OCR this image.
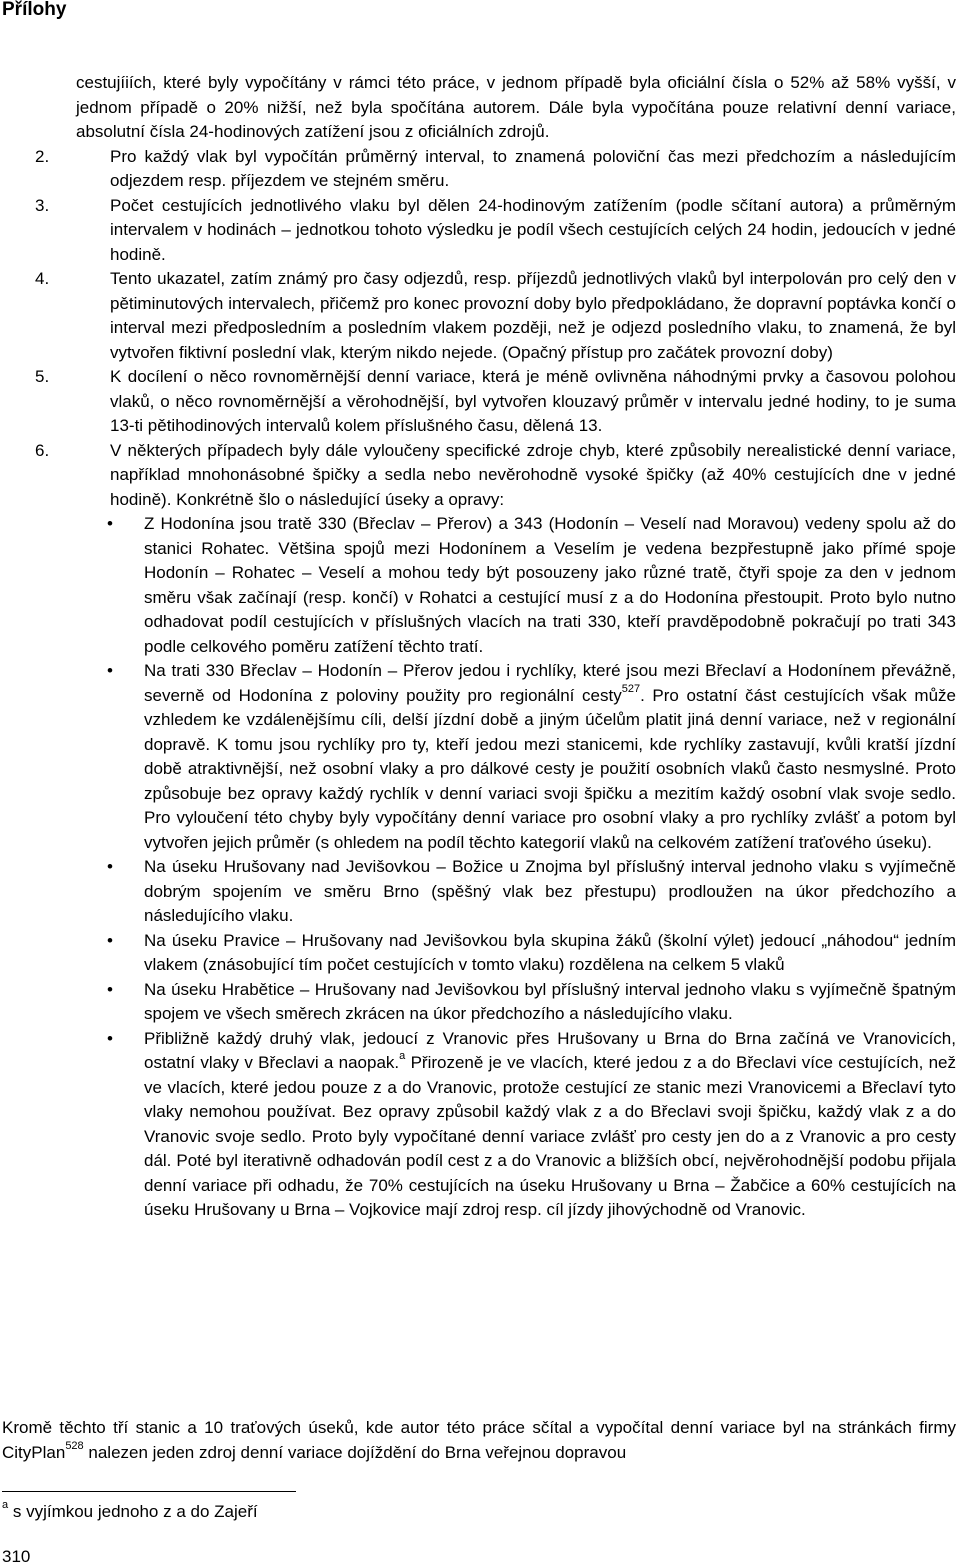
Přílohy

cestujíiích, které byly vypočítány v rámci této práce, v jednom případě byla oficiální čísla o 52% až 58% vyšší, v jednom případě o 20% nižší, než byla spočítána autorem. Dále byla vypočítána pouze relativní denní variace, absolutní čísla 24-hodinových zatížení jsou z oficiálních zdrojů.

2.	Pro každý vlak byl vypočítán průměrný interval, to znamená poloviční čas mezi předchozím a následujícím odjezdem resp. příjezdem ve stejném směru.
3.	Počet cestujících jednotlivého vlaku byl dělen 24-hodinovým zatížením (podle sčítaní autora) a průměrným intervalem v hodinách – jednotkou tohoto výsledku je podíl všech cestujících celých 24 hodin, jedoucích v jedné hodině.
4.	Tento ukazatel, zatím známý pro časy odjezdů, resp. příjezdů jednotlivých vlaků byl interpolován pro celý den v pětiminutových intervalech, přičemž pro konec provozní doby bylo předpokládano, že dopravní poptávka končí o interval mezi předposledním a posledním vlakem později, než je odjezd posledního vlaku, to znamená, že byl vytvořen fiktivní poslední vlak, kterým nikdo nejede. (Opačný přístup pro začátek provozní doby)
5.	K docílení o něco rovnoměrnější denní variace, která je méně ovlivněna náhodnými prvky a časovou polohou vlaků, o něco rovnoměrnější a věrohodnější, byl vytvořen klouzavý průměr v intervalu jedné hodiny, to je suma 13-ti pětihodinových intervalů kolem příslušného času, dělená 13.
6.	V některých případech byly dále vyloučeny specifické zdroje chyb, které způsobily nerealistické denní variace, například mnohonásobné špičky a sedla nebo nevěrohodně vysoké špičky (až 40% cestujících dne v jedné hodině). Konkrétně šlo o následující úseky a opravy:
• Z Hodonína jsou tratě 330 (Břeclav – Přerov) a 343 (Hodonín – Veselí nad Moravou) vedeny spolu až do stanici Rohatec. Většina spojů mezi Hodonínem a Veselím je vedena bezpřestupně jako přímé spoje Hodonín – Rohatec – Veselí a mohou tedy být posouzeny jako různé tratě, čtyři spoje za den v jednom směru však začínají (resp. končí) v Rohatci a cestující musí z a do Hodonína přestoupit. Proto bylo nutno odhadovat podíl cestujících v příslušných vlacích na trati 330, kteří pravděpodobně pokračují po trati 343 podle celkového poměru zatížení těchto tratí.
• Na trati 330 Břeclav – Hodonín – Přerov jedou i rychlíky, které jsou mezi Břeclaví a Hodonínem převážně, severně od Hodonína z poloviny použity pro regionální cesty$^{527}$. Pro ostatní část cestujících však může vzhledem ke vzdálenějšímu cíli, delší jízdní době a jiným účelům platit jiná denní variace, než v regionální dopravě. K tomu jsou rychlíky pro ty, kteří jedou mezi stanicemi, kde rychlíky zastavují, kvůli kratší jízdní době atraktivnější, než osobní vlaky a pro dálkové cesty je použití osobních vlaků často nesmyslné. Proto způsobuje bez opravy každý rychlík v denní variaci svoji špičku a mezitím každý osobní vlak svoje sedlo. Pro vyloučení této chyby byly vypočítány denní variace pro osobní vlaky a pro rychlíky zvlášť a potom byl vytvořen jejich průměr (s ohledem na podíl těchto kategorií vlaků na celkovém zatížení traťového úseku).
• Na úseku Hrušovany nad Jevišovkou – Božice u Znojma byl příslušný interval jednoho vlaku s vyjímečně dobrým spojením ve směru Brno (spěšný vlak bez přestupu) prodloužen na úkor předchozího a následujícího vlaku.
• Na úseku Pravice – Hrušovany nad Jevišovkou byla skupina žáků (školní výlet) jedoucí „náhodou“ jedním vlakem (znásobující tím počet cestujících v tomto vlaku) rozdělena na celkem 5 vlaků
• Na úseku Hrabětice – Hrušovany nad Jevišovkou byl příslušný interval jednoho vlaku s vyjímečně špatným spojem ve všech směrech zkrácen na úkor předchozího a následujícího vlaku.
• Přibližně každý druhý vlak, jedoucí z Vranovic přes Hrušovany u Brna do Brna začíná ve Vranovicích, ostatní vlaky v Břeclavi a naopak.$^a$ Přirozeně je ve vlacích, které jedou z a do Břeclavi více cestujících, než ve vlacích, které jedou pouze z a do Vranovic, protože cestující ze stanic mezi Vranovicemi a Břeclaví tyto vlaky nemohou používat. Bez opravy způsobil každý vlak z a do Břeclavi svoji špičku, každý vlak z a do Vranovic svoje sedlo. Proto byly vypočítané denní variace zvlášť pro cesty jen do a z Vranovic a pro cesty dál. Poté byl iterativně odhadován podíl cest z a do Vranovic a bližších obcí, nejvěrohodnější podobu přijala denní variace při odhadu, že 70% cestujících na úseku Hrušovany u Brna – Žabčice a 60% cestujících na úseku Hrušovany u Brna – Vojkovice mají zdroj resp. cíl jízdy jihovýchodně od Vranovic.

Kromě těchto tří stanic a 10 traťových úseků, kde autor této práce sčítal a vypočítal denní variace byl na stránkách firmy CityPlan$^{528}$ nalezen jeden zdroj denní variace dojíždění do Brna veřejnou dopravou

$^a$ s vyjímkou jednoho z a do Zajeří
310
